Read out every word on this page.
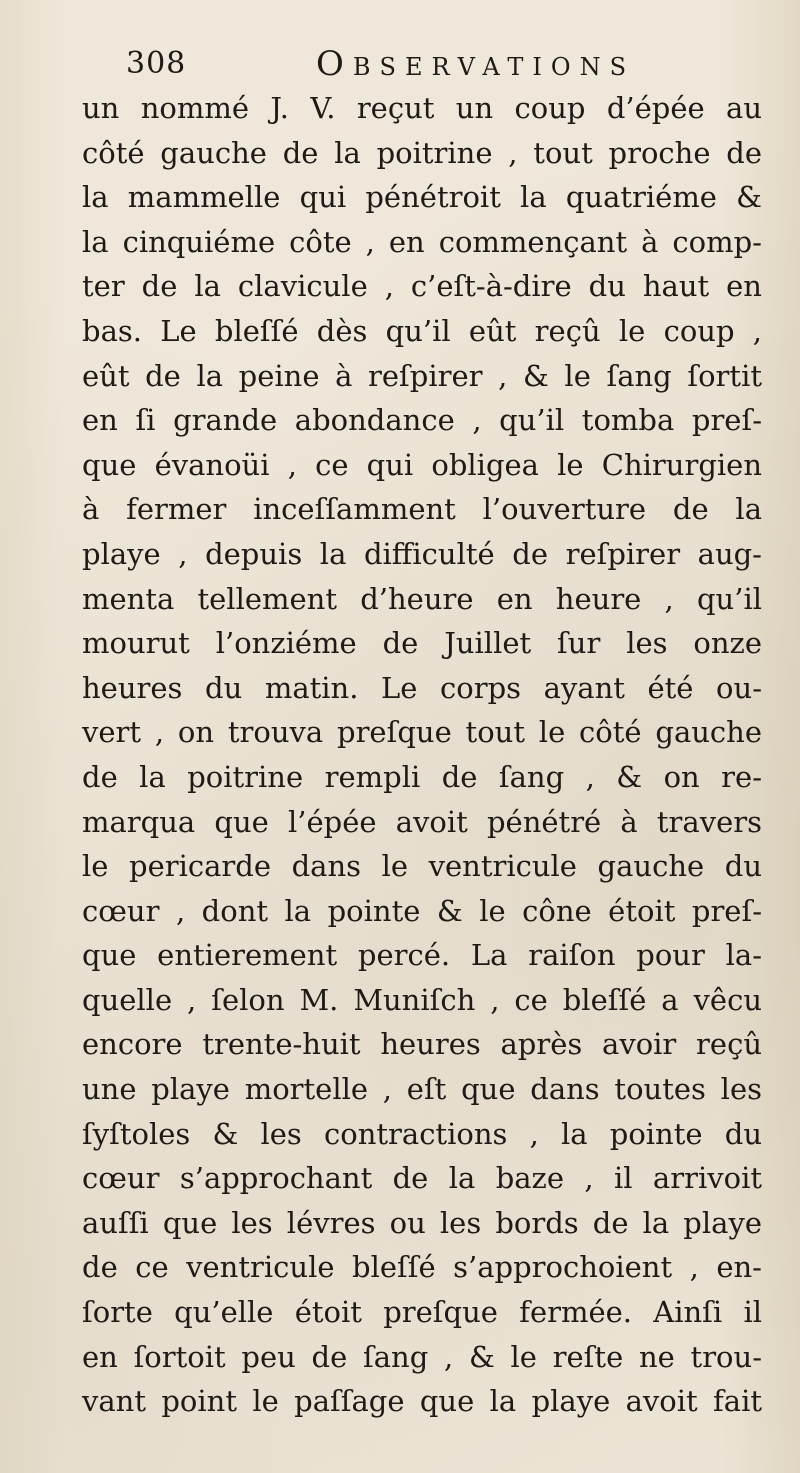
308	Observations
un nommé J. V. reçut un coup d’épée au
côté gauche de la poitrine , tout proche de
la mammelle qui pénétroit la quatriéme &
la cinquiéme côte , en commençant à comp-
ter de la clavicule , c’eſt-à-dire du haut en
bas. Le bleſſé dès qu’il eût reçû le coup ,
eût de la peine à reſpirer , & le ſang ſortit
en ſi grande abondance , qu’il tomba preſ-
que évanoüi , ce qui obligea le Chirurgien
à fermer inceſſamment l’ouverture de la
playe , depuis la difficulté de reſpirer aug-
menta tellement d’heure en heure , qu’il
mourut l’onziéme de Juillet ſur les onze
heures du matin. Le corps ayant été ou-
vert , on trouva preſque tout le côté gauche
de la poitrine rempli de ſang , & on re-
marqua que l’épée avoit pénétré à travers
le pericarde dans le ventricule gauche du
cœur , dont la pointe & le cône étoit preſ-
que entierement percé. La raiſon pour la-
quelle , ſelon M. Muniſch , ce bleſſé a vêcu
encore trente-huit heures après avoir reçû
une playe mortelle , eſt que dans toutes les
ſyſtoles & les contractions , la pointe du
cœur s’approchant de la baze , il arrivoit
auſſi que les lévres ou les bords de la playe
de ce ventricule bleſſé s’approchoient , en-
ſorte qu’elle étoit preſque fermée. Ainſi il
en ſortoit peu de ſang , & le reſte ne trou-
vant point le paſſage que la playe avoit fait
